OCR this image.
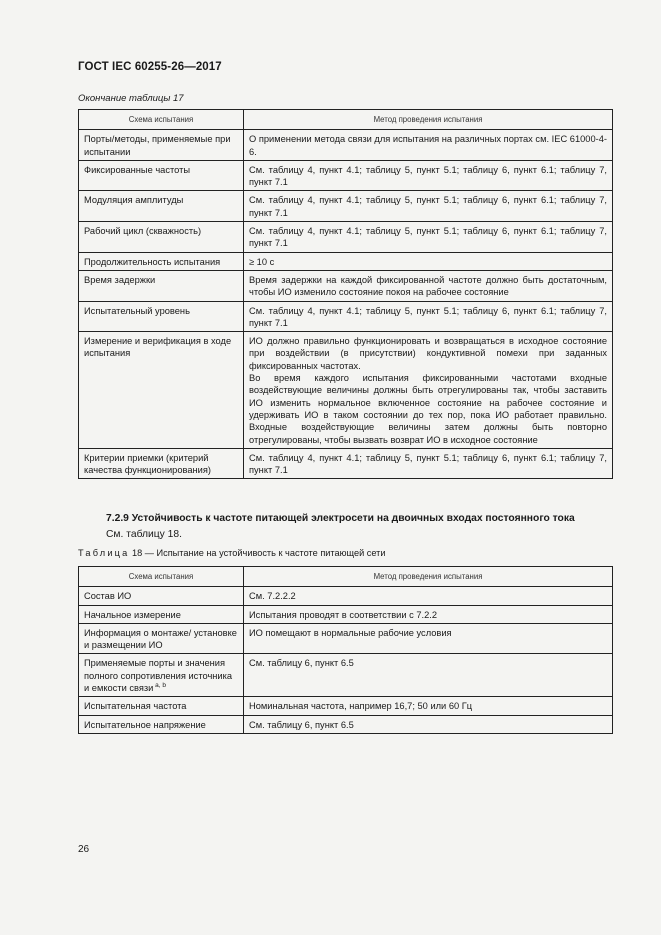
ГОСТ IEC 60255-26—2017
Окончание таблицы 17
Схема испытания	Метод проведения испытания
Порты/методы, применяемые при испытании	О применении метода связи для испытания на различных портах см. IEC 61000-4-6.
Фиксированные частоты	См. таблицу 4, пункт 4.1; таблицу 5, пункт 5.1; таблицу 6, пункт 6.1; таблицу 7, пункт 7.1
Модуляция амплитуды	См. таблицу 4, пункт 4.1; таблицу 5, пункт 5.1; таблицу 6, пункт 6.1; таблицу 7, пункт 7.1
Рабочий цикл (скважность)	См. таблицу 4, пункт 4.1; таблицу 5, пункт 5.1; таблицу 6, пункт 6.1; таблицу 7, пункт 7.1
Продолжительность испытания	≥ 10 с
Время задержки	Время задержки на каждой фиксированной частоте должно быть достаточным, чтобы ИО изменило состояние покоя на рабочее состояние
Испытательный уровень	См. таблицу 4, пункт 4.1; таблицу 5, пункт 5.1; таблицу 6, пункт 6.1; таблицу 7, пункт 7.1
Измерение и верификация в ходе испытания	ИО должно правильно функционировать и возвращаться в исходное состояние при воздействии (в присутствии) кондуктивной помехи при заданных фиксированных частотах.
Во время каждого испытания фиксированными частотами входные воздействующие величины должны быть отрегулированы так, чтобы заставить ИО изменить нормальное включенное состояние на рабочее состояние и удерживать ИО в таком состоянии до тех пор, пока ИО работает правильно. Входные воздействующие величины затем должны быть повторно отрегулированы, чтобы вызвать возврат ИО в исходное состояние

Критерии приемки (критерий качества функционирования)	См. таблицу 4, пункт 4.1; таблицу 5, пункт 5.1; таблицу 6, пункт 6.1; таблицу 7, пункт 7.1
7.2.9 Устойчивость к частоте питающей электросети на двоичных входах постоянного тока
См. таблицу 18.
Таблица 18 — Испытание на устойчивость к частоте питающей сети
Схема испытания	Метод проведения испытания
Состав ИО	См. 7.2.2.2
Начальное измерение	Испытания проводят в соответствии с 7.2.2
Информация о монтаже/ установке и размещении ИО	ИО помещают в нормальные рабочие условия
Применяемые порты и значения полного сопротивления источника и емкости связи $^{a, b}$	См. таблицу 6, пункт 6.5
Испытательная частота	Номинальная частота, например 16,7; 50 или 60 Гц
Испытательное напряжение	См. таблицу 6, пункт 6.5
26
